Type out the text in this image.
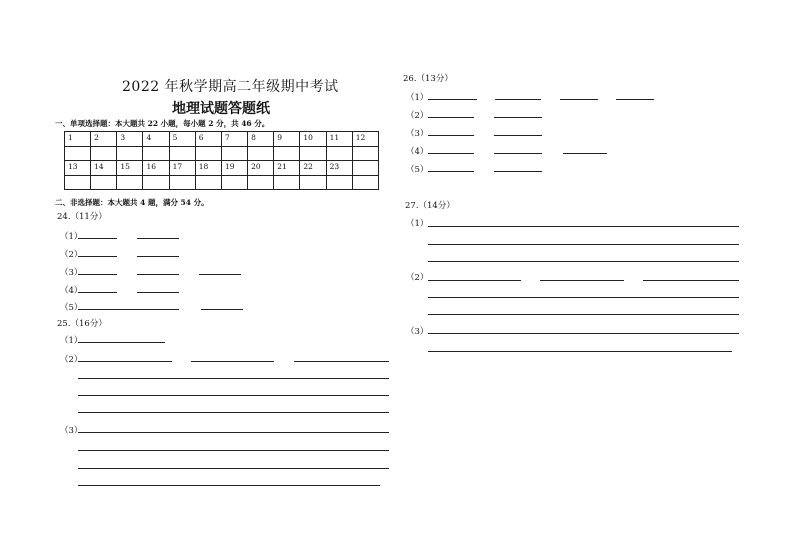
2022 年秋学期高二年级期中考试
地理试题答题纸
一、单项选择题：本大题共 22 小题，每小题 2 分，共 46 分。
1	2	3	4	5	6	7	8	9	10	11	12

13	14	15	16	17	18	19	20	21	22	23	

二、非选择题：本大题共 4 题，满分 54 分。
24.（11分）
（1）
（2）
（3）
（4）
（5）
25.（16分）
（1）
（2）
（3）
26.（13分）
（1）
（2）
（3）
（4）
（5）
27.（14分）
（1）
（2）
（3）
